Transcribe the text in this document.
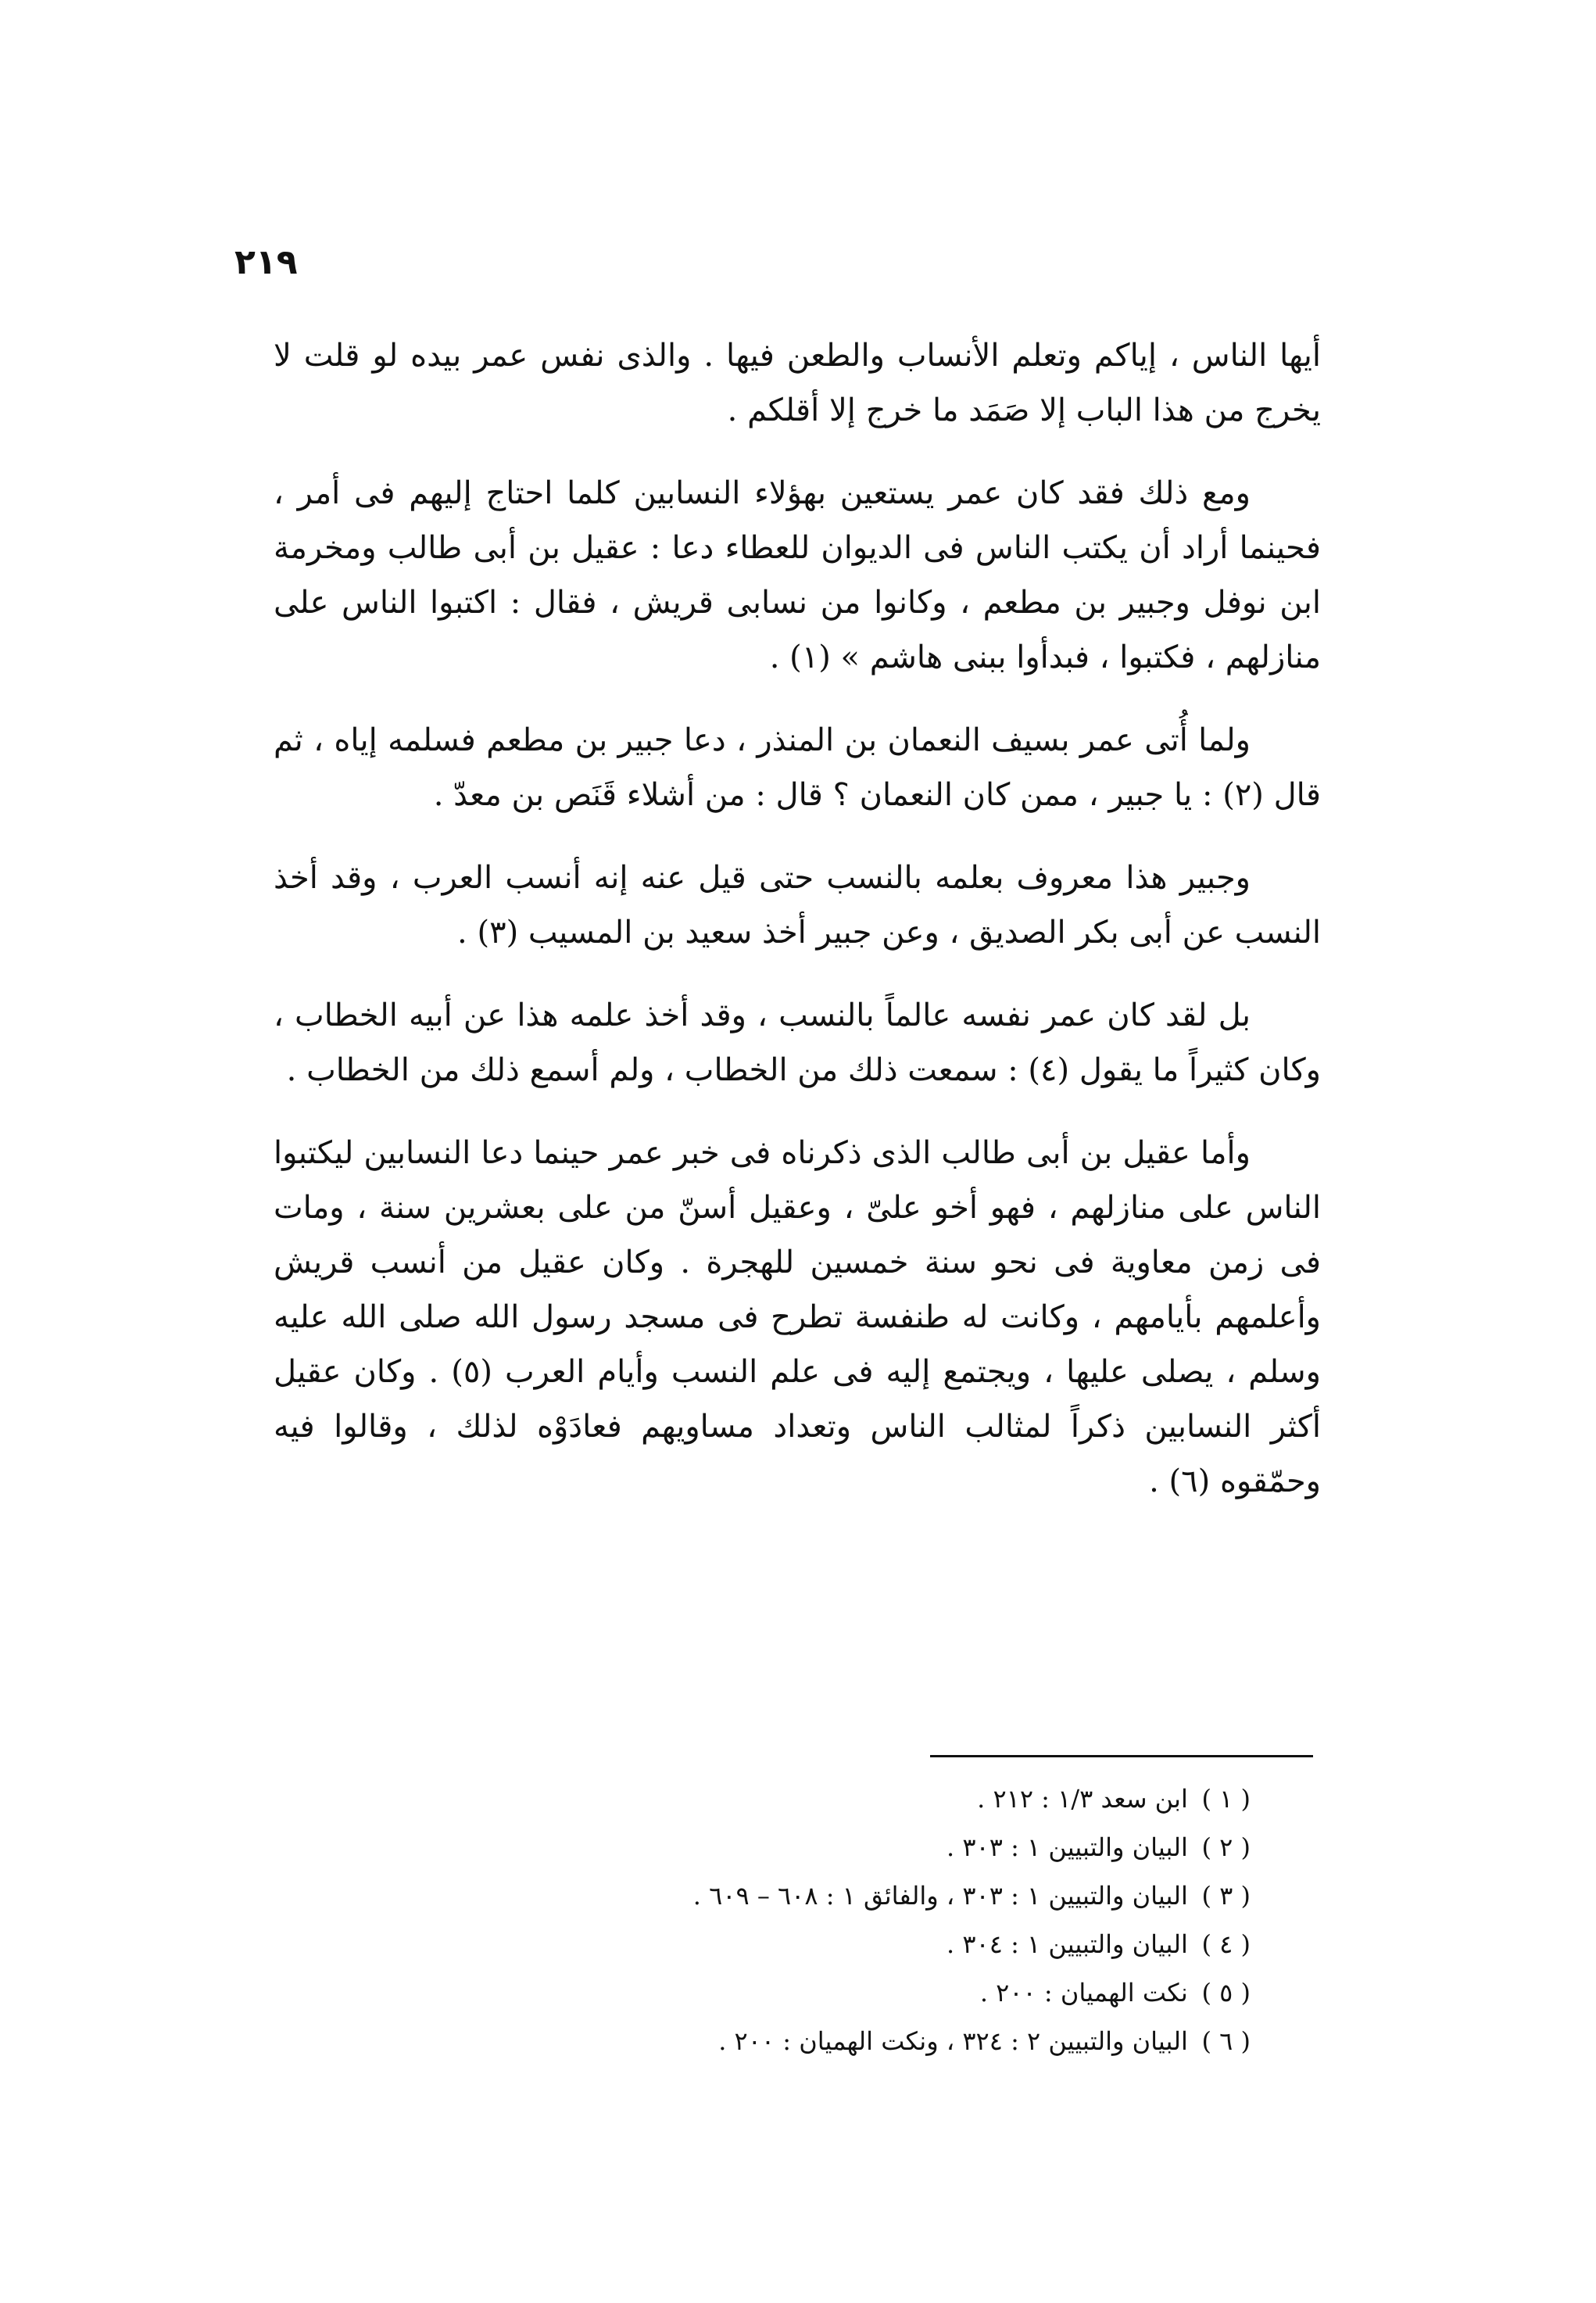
٢١٩

أيها الناس ، إياكم وتعلم الأنساب والطعن فيها . والذى نفس عمر بيده لو قلت لا يخرج من هذا الباب إلا صَمَد ما خرج إلا أقلكم .

ومع ذلك فقد كان عمر يستعين بهؤلاء النسابين كلما احتاج إليهم فى أمر ، فحينما أراد أن يكتب الناس فى الديوان للعطاء دعا : عقيل بن أبى طالب ومخرمة ابن نوفل وجبير بن مطعم ، وكانوا من نسابى قريش ، فقال : اكتبوا الناس على منازلهم ، فكتبوا ، فبدأوا ببنى هاشم » (١) .

ولما أُتى عمر بسيف النعمان بن المنذر ، دعا جبير بن مطعم فسلمه إياه ، ثم قال (٢) : يا جبير ، ممن كان النعمان ؟ قال : من أشلاء قَنَص بن معدّ .

وجبير هذا معروف بعلمه بالنسب حتى قيل عنه إنه أنسب العرب ، وقد أخذ النسب عن أبى بكر الصديق ، وعن جبير أخذ سعيد بن المسيب (٣) .

بل لقد كان عمر نفسه عالماً بالنسب ، وقد أخذ علمه هذا عن أبيه الخطاب ، وكان كثيراً ما يقول (٤) : سمعت ذلك من الخطاب ، ولم أسمع ذلك من الخطاب .

وأما عقيل بن أبى طالب الذى ذكرناه فى خبر عمر حينما دعا النسابين ليكتبوا الناس على منازلهم ، فهو أخو علىّ ، وعقيل أسنّ من على بعشرين سنة ، ومات فى زمن معاوية فى نحو سنة خمسين للهجرة . وكان عقيل من أنسب قريش وأعلمهم بأيامهم ، وكانت له طنفسة تطرح فى مسجد رسول الله صلى الله عليه وسلم ، يصلى عليها ، ويجتمع إليه فى علم النسب وأيام العرب (٥) . وكان عقيل أكثر النسابين ذكراً لمثالب الناس وتعداد مساويهم فعادَوْه لذلك ، وقالوا فيه وحمّقوه (٦) .

( ١ ) ابن سعد ١/٣ : ٢١٢ .

( ٢ ) البيان والتبيين ١ : ٣٠٣ .

( ٣ ) البيان والتبيين ١ : ٣٠٣ ، والفائق ١ : ٦٠٨ – ٦٠٩ .

( ٤ ) البيان والتبيين ١ : ٣٠٤ .

( ٥ ) نكت الهميان : ٢٠٠ .

( ٦ ) البيان والتبيين ٢ : ٣٢٤ ، ونكت الهميان : ٢٠٠ .
